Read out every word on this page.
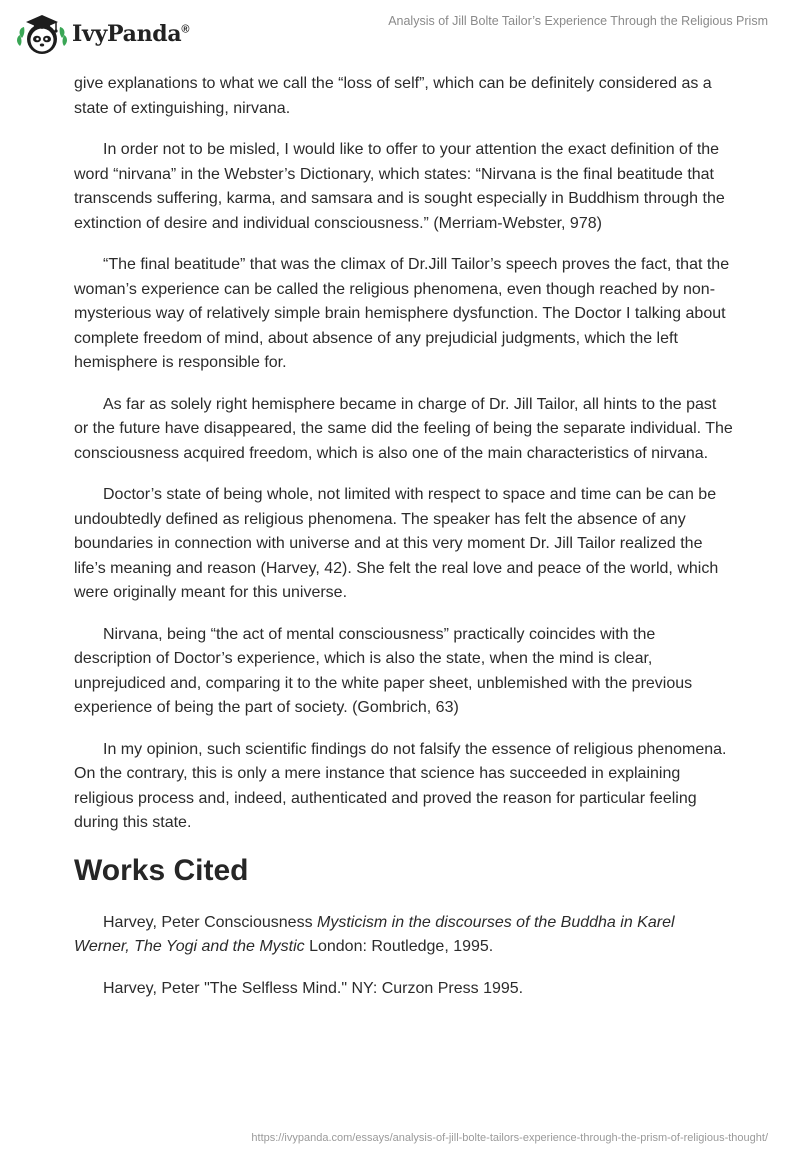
IvyPanda®
Analysis of Jill Bolte Tailor’s Experience Through the Religious Prism

give explanations to what we call the “loss of self”, which can be definitely considered as a state of extinguishing, nirvana.

In order not to be misled, I would like to offer to your attention the exact definition of the word “nirvana” in the Webster’s Dictionary, which states: “Nirvana is the final beatitude that transcends suffering, karma, and samsara and is sought especially in Buddhism through the extinction of desire and individual consciousness.” (Merriam-Webster, 978)

“The final beatitude” that was the climax of Dr.Jill Tailor’s speech proves the fact, that the woman’s experience can be called the religious phenomena, even though reached by non-mysterious way of relatively simple brain hemisphere dysfunction. The Doctor I talking about complete freedom of mind, about absence of any prejudicial judgments, which the left hemisphere is responsible for.

As far as solely right hemisphere became in charge of Dr. Jill Tailor, all hints to the past or the future have disappeared, the same did the feeling of being the separate individual. The consciousness acquired freedom, which is also one of the main characteristics of nirvana.

Doctor’s state of being whole, not limited with respect to space and time can be can be undoubtedly defined as religious phenomena. The speaker has felt the absence of any boundaries in connection with universe and at this very moment Dr. Jill Tailor realized the life’s meaning and reason (Harvey, 42). She felt the real love and peace of the world, which were originally meant for this universe.

Nirvana, being “the act of mental consciousness” practically coincides with the description of Doctor’s experience, which is also the state, when the mind is clear, unprejudiced and, comparing it to the white paper sheet, unblemished with the previous experience of being the part of society. (Gombrich, 63)

In my opinion, such scientific findings do not falsify the essence of religious phenomena. On the contrary, this is only a mere instance that science has succeeded in explaining religious process and, indeed, authenticated and proved the reason for particular feeling during this state.

Works Cited

Harvey, Peter Consciousness Mysticism in the discourses of the Buddha in Karel Werner, The Yogi and the Mystic London: Routledge, 1995.

Harvey, Peter "The Selfless Mind." NY: Curzon Press 1995.

https://ivypanda.com/essays/analysis-of-jill-bolte-tailors-experience-through-the-prism-of-religious-thought/
